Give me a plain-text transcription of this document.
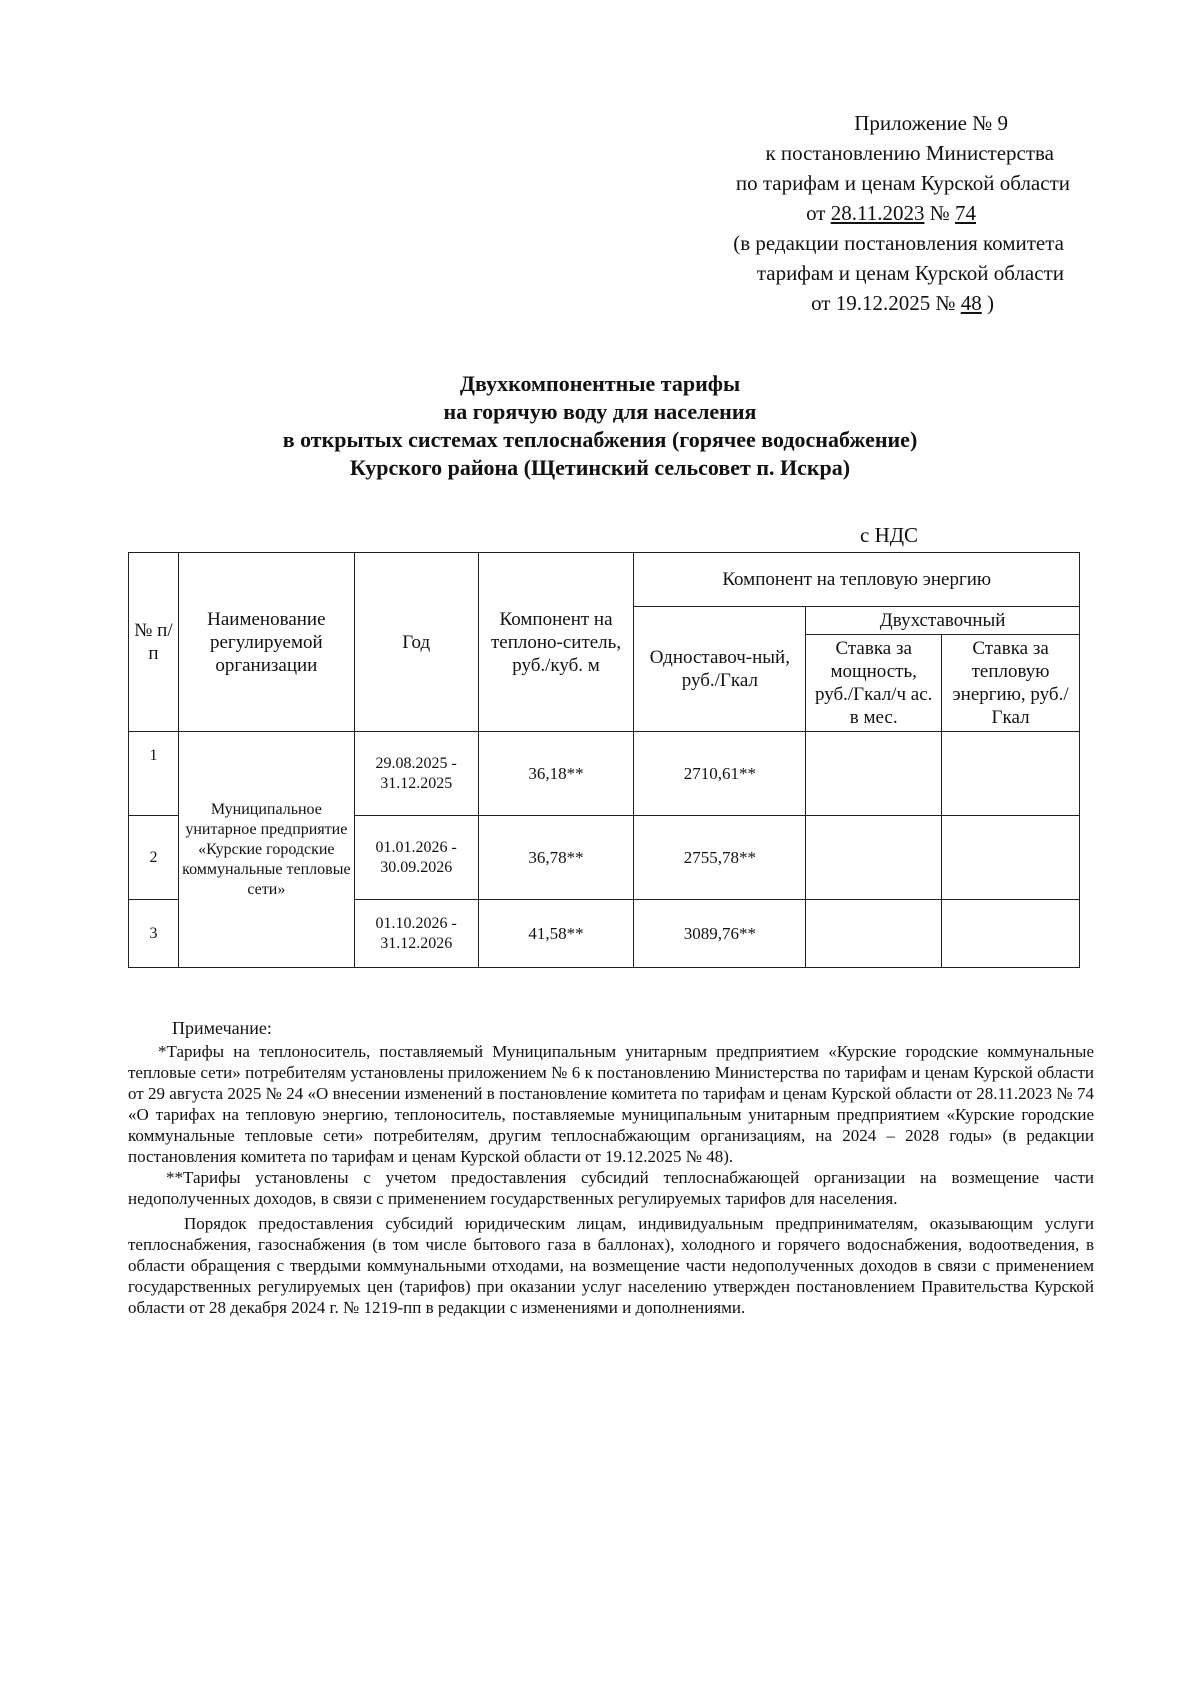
Приложение № 9
к постановлению Министерства
по тарифам и ценам Курской области
от 28.11.2023 № 74
(в редакции постановления комитета
тарифам и ценам Курской области
от 19.12.2025 № 48 )
Двухкомпонентные тарифы
на горячую воду для населения
в открытых системах теплоснабжения (горячее водоснабжение)
Курского района (Щетинский сельсовет п. Искра)
с НДС
№ п/п	Наименование регулируемой организации	Год	Компонент на теплоно-ситель, руб./куб. м	Компонент на тепловую энергию		
				Одноставоч-ный, руб./Гкал	Двухставочный	
					Ставка за мощность, руб./Гкал/ч ас. в мес.	Ставка за тепловую энергию, руб./Гкал
1	Муниципальное унитарное предприятие «Курские городские коммунальные тепловые сети»	29.08.2025 - 31.12.2025	36,18**	2710,61**		
2		01.01.2026 - 30.09.2026	36,78**	2755,78**		
3		01.10.2026 - 31.12.2026	41,58**	3089,76**		

Примечание:

*Тарифы на теплоноситель, поставляемый Муниципальным унитарным предприятием «Курские городские коммунальные тепловые сети» потребителям установлены приложением № 6 к постановлению Министерства по тарифам и ценам Курской области от 29 августа 2025 № 24 «О внесении изменений в постановление комитета по тарифам и ценам Курской области от 28.11.2023 № 74 «О тарифах на тепловую энергию, теплоноситель, поставляемые муниципальным унитарным предприятием «Курские городские коммунальные тепловые сети» потребителям, другим теплоснабжающим организациям, на 2024 – 2028 годы» (в редакции постановления комитета по тарифам и ценам Курской области от 19.12.2025 № 48).

**Тарифы установлены с учетом предоставления субсидий теплоснабжающей организации на возмещение части недополученных доходов, в связи с применением государственных регулируемых тарифов для населения.

Порядок предоставления субсидий юридическим лицам, индивидуальным предпринимателям, оказывающим услуги теплоснабжения, газоснабжения (в том числе бытового газа в баллонах), холодного и горячего водоснабжения, водоотведения, в области обращения с твердыми коммунальными отходами, на возмещение части недополученных доходов в связи с применением государственных регулируемых цен (тарифов) при оказании услуг населению утвержден постановлением Правительства Курской области от 28 декабря 2024 г. № 1219-пп в редакции с изменениями и дополнениями.
